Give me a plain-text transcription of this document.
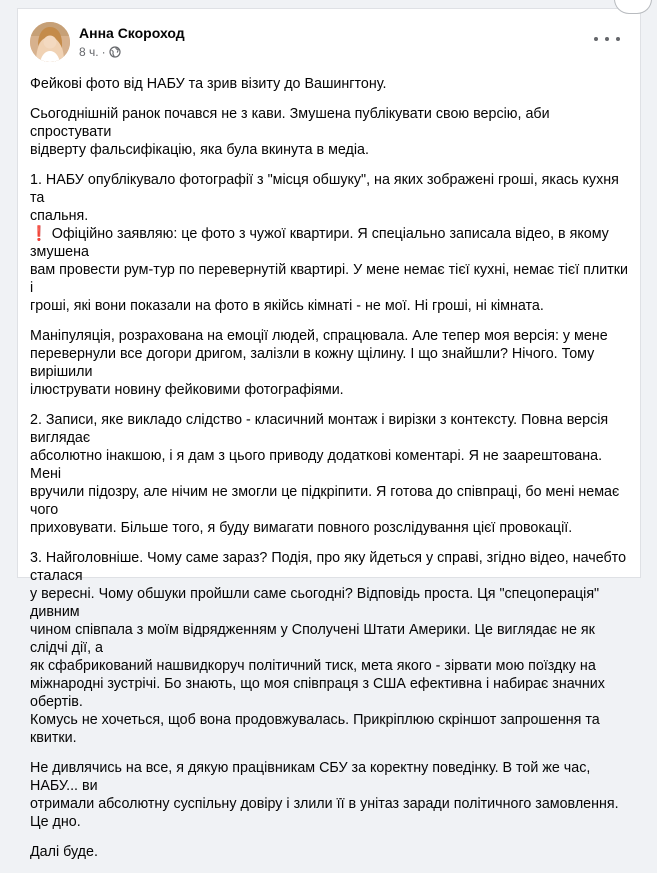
Анна Скороход
8 ч. ·

Фейкові фото від НАБУ та зрив візиту до Вашингтону.

Сьогоднішній ранок почався не з кави. Змушена публікувати свою версію, аби спростувати
відверту фальсифікацію, яка була вкинута в медіа.

1. НАБУ опублікувало фотографії з "місця обшуку", на яких зображені гроші, якась кухня та
спальня.
❗ Офіційно заявляю: це фото з чужої квартири. Я спеціально записала відео, в якому змушена
вам провести рум-тур по перевернутій квартирі. У мене немає тієї кухні, немає тієї плитки і
гроші, які вони показали на фото в якійсь кімнаті - не мої. Ні гроші, ні кімната.

Маніпуляція, розрахована на емоції людей, спрацювала. Але тепер моя версія: у мене
перевернули все догори дригом, залізли в кожну щілину. І що знайшли? Нічого. Тому вирішили
ілюструвати новину фейковими фотографіями.

2. Записи, яке викладо слідство - класичний монтаж і вирізки з контексту. Повна версія виглядає
абсолютно інакшою, і я дам з цього приводу додаткові коментарі. Я не заарештована. Мені
вручили підозру, але нічим не змогли це підкріпити. Я готова до співпраці, бо мені немає чого
приховувати. Більше того, я буду вимагати повного розслідування цієї провокації.

3. Найголовніше. Чому саме зараз? Подія, про яку йдеться у справі, згідно відео, начебто сталася
у вересні. Чому обшуки пройшли саме сьогодні? Відповідь проста. Ця "спецоперація" дивним
чином співпала з моїм відрядженням у Сполучені Штати Америки. Це виглядає не як слідчі дії, а
як сфабрикований нашвидкоруч політичний тиск, мета якого - зірвати мою поїздку на
міжнародні зустрічі. Бо знають, що моя співпраця з США ефективна і набирає значних обертів.
Комусь не хочеться, щоб вона продовжувалась. Прикріплюю скріншот запрошення та квитки.

Не дивлячись на все, я дякую працівникам СБУ за коректну поведінку. В той же час, НАБУ... ви
отримали абсолютну суспільну довіру і злили її в унітаз заради політичного замовлення. Це дно.

Далі буде.
